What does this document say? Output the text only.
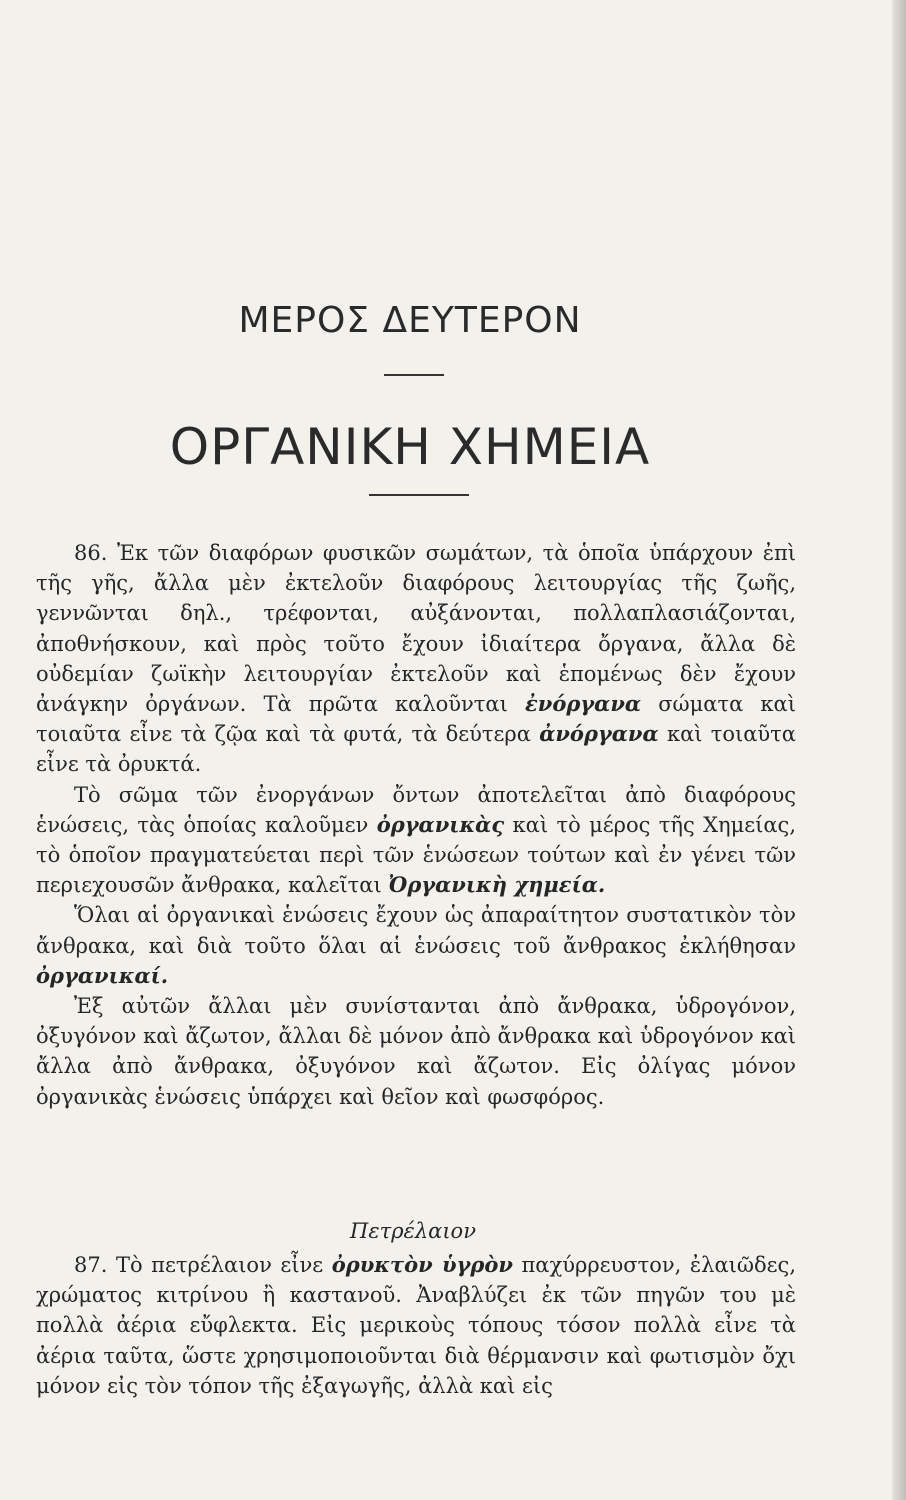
ΜΕΡΟΣ ΔΕΥΤΕΡΟΝ
ΟΡΓΑΝΙΚΗ ΧΗΜΕΙΑ

86. Ἐκ τῶν διαφόρων φυσικῶν σωμάτων, τὰ ὁποῖα ὑπάρχουν ἐπὶ τῆς γῆς, ἄλλα μὲν ἐκτελοῦν διαφόρους λειτουργίας τῆς ζωῆς, γεννῶνται δηλ., τρέφονται, αὐξάνονται, πολλαπλασιάζονται, ἀποθνήσκουν, καὶ πρὸς τοῦτο ἔχουν ἰδιαίτερα ὄργανα, ἄλλα δὲ οὐδεμίαν ζωϊκὴν λειτουργίαν ἐκτελοῦν καὶ ἑπομένως δὲν ἔχουν ἀνάγκην ὀργάνων. Τὰ πρῶτα καλοῦνται ἐνόργανα σώματα καὶ τοιαῦτα εἶνε τὰ ζῷα καὶ τὰ φυτά, τὰ δεύτερα ἀνόργανα καὶ τοιαῦτα εἶνε τὰ ὀρυκτά.

Τὸ σῶμα τῶν ἐνοργάνων ὄντων ἀποτελεῖται ἀπὸ διαφόρους ἑνώσεις, τὰς ὁποίας καλοῦμεν ὀργανικὰς καὶ τὸ μέρος τῆς Χημείας, τὸ ὁποῖον πραγματεύεται περὶ τῶν ἑνώσεων τούτων καὶ ἐν γένει τῶν περιεχουσῶν ἄνθρακα, καλεῖται Ὀργανικὴ χημεία.

Ὅλαι αἱ ὀργανικαὶ ἑνώσεις ἔχουν ὡς ἀπαραίτητον συστατικὸν τὸν ἄνθρακα, καὶ διὰ τοῦτο ὅλαι αἱ ἑνώσεις τοῦ ἄνθρακος ἐκλήθησαν ὀργανικαί.

Ἐξ αὐτῶν ἄλλαι μὲν συνίστανται ἀπὸ ἄνθρακα, ὑδρογόνον, ὀξυγόνον καὶ ἄζωτον, ἄλλαι δὲ μόνον ἀπὸ ἄνθρακα καὶ ὑδρογόνον καὶ ἄλλα ἀπὸ ἄνθρακα, ὀξυγόνον καὶ ἄζωτον. Εἰς ὀλίγας μόνον ὀργανικὰς ἑνώσεις ὑπάρχει καὶ θεῖον καὶ φωσφόρος.

Πετρέλαιον

87. Τὸ πετρέλαιον εἶνε ὀρυκτὸν ὑγρὸν παχύρρευστον, ἐλαιῶδες, χρώματος κιτρίνου ἢ καστανοῦ. Ἀναβλύζει ἐκ τῶν πηγῶν του μὲ πολλὰ ἀέρια εὔφλεκτα. Εἰς μερικοὺς τόπους τόσον πολλὰ εἶνε τὰ ἀέρια ταῦτα, ὥστε χρησιμοποιοῦνται διὰ θέρμανσιν καὶ φωτισμὸν ὄχι μόνον εἰς τὸν τόπον τῆς ἐξαγωγῆς, ἀλλὰ καὶ εἰς
